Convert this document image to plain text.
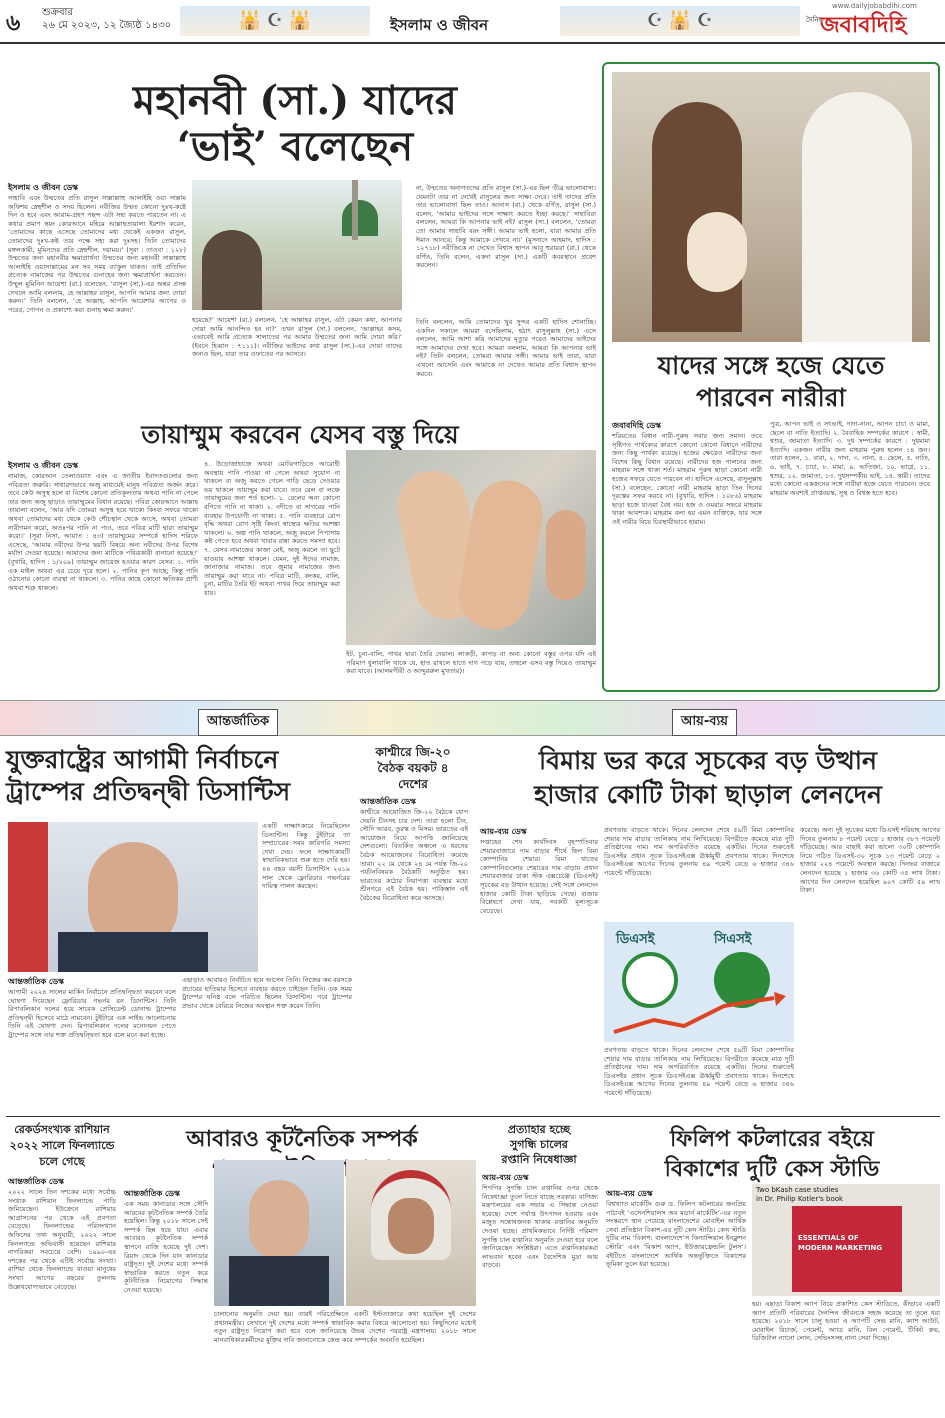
৬ শুক্রবার
২৬ মে ২০২৩, ১২ জ্যৈষ্ঠ ১৪৩০	🕌 ☪ 🕌	ইসলাম ও জীবন	☪ 🕌 ☪
www.dailyjobabdihi.com
দৈনিক
জবাবদিহি
মহানবী (সা.) যাদের
‘ভাই’ বলেছেন
ইসলাম ও জীবন ডেস্ক
সাহাবি এবং উম্মতের প্রতি রাসুল সাল্লাল্লাহু আলাইহি ওয়া সাল্লাম অফিশয় স্নেহশীল ও সদয় ছিলেন। নবীজির উম্মত কোনো দুঃখ-কষ্টে দিন ও হবে এবং আরাম-গ্রহণ পছন্দ এটা সহ্য করতে পারতেন না। এ কথার প্রমাণ স্বয়ং কোরআনে মহিমে আল্লাহতায়ালা ইরশাদ করেন, ‘তোমাদের কাছে এসেছে তোমাদের মধ্য থেকেই একজন রাসুল, তোমাদের দুঃখ-কষ্ট তার পক্ষে সহ্য করা দুঃসহ। তিনি তোমাদের মঙ্গলকামী, মুমিনদের প্রতি স্নেহশীল, দয়াময়।’ (সূরা : তাওবা : ১২৮) উম্মতের জন্য মহানবীর ক্ষমাপ্রার্থনা উম্মতের জন্য মহানবী সাল্লাল্লাহু আলাইহি ওয়াসাল্লামের মন সব সময় ব্যাকুল থাকত। তাই প্রতিদিন প্রত্যেক নামাজের পর উম্মতের গুনাহের জন্য ক্ষমাপ্রার্থনা করতেন। উম্মুল মুমিনিন আয়েশা (রা.) বলেছেন, ‘রাসুল (সা.)-এর অন্তর প্রসন্ন দেখলে আমি বললাম, হে আল্লাহর রাসুল, আপনি আমার জন্য দোয়া করুন।’ তিনি বললেন, ‘হে আল্লাহ, আপনি আয়েশার আগের ও পরের, গোপন ও প্রকাশ্যে করা গুনাহ ক্ষমা করুন।’
হয়েছে?’ আয়েশা (রা.) বললেন, ‘হে আল্লাহর রাসুল, এটা কেমন কথা, আপনার দোয়া আমি আনন্দিত হব না?’ তখন রাসুল (সা.) বললেন, ‘আল্লাহর কসম, এভাবেই আমি প্রত্যেক সালাতের পর আমার উম্মতের জন্য আমি দোয়া করি।’ (ইবনে হিব্বান : ৭১১১)। নবীজির ভাইদের কথা রাসুল (সা.)-এর দোয়া তাদের জন্যও ছিল, যারা তার ওফাতের পর আসবে।
না, উম্মতের অনাগতদের প্রতি রাসুল (সা.)-এর ছিল তীব্র ভালোবাসা। যেমনটা তার না দেখেই রাসুলের জন্য সাক্ষ্য দেবে। তাই তাদের প্রতি তার ভালোবাসা ছিল তাও। আনাস (রা.) থেকে বর্ণিত, রাসুল (সা.) বলেন, ‘আমার ভাইদের সঙ্গে সাক্ষাৎ করতে ইচ্ছা করছে।’ সাহাবিরা বললেন, আমরা কি আপনার ভাই নই? রাসুল (সা.) বললেন, ‘তোমরা তো আমার সাহাবি বরং সঙ্গী। আমার ভাই হলো, যারা আমার প্রতি ঈমান আনবে; কিন্তু আমাকে দেখবে না।’ (মুসনাদে আহমাদ, হাদিস : ১২৭১৮) নবীজিকে না দেখেও বিশ্বাস স্থাপন আবু হুরায়রা (রা.) থেকে বর্ণিত, তিনি বলেন, একদা রাসুল (সা.) একটি কবরস্থানে প্রবেশ করলেন।
তিনি বললেন, আমি তোমাদের খুব সুন্দর একটি হাদিস শোনাচ্ছি। একদিন সকালে আমরা বসেছিলাম, হঠাৎ রাসুলুল্লাহ (সা.) এসে বললেন, আমি আশা করি আমাদের মৃত্যুর পরেও আমাদের ভাইদের সঙ্গে আমাদের দেখা হবে। আমরা বললাম, আমরা কি আপনার ভাই নই? তিনি বললেন, তোমরা আমার সঙ্গী। আমার ভাই তারা, যারা এখনো আসেনি এবং আমাকে না দেখেও আমার প্রতি বিশ্বাস স্থাপন করবে।	যাদের সঙ্গে হজে যেতে
পারবেন নারীরা
জবাবদিহি ডেস্ক
শরিয়তের বিধান নারী-পুরুষ সবার জন্য সমান। তবে সৃষ্টিগত পার্থক্যের কারণে কোনো কোনো বিধানে নারীদের জন্য কিছু পার্থক্য রয়েছে। হজের ক্ষেত্রেও নারীদের জন্য বিশেষ কিছু বিধান রয়েছে। নারীদের হজ পালনের জন্য মাহরাম সঙ্গে থাকা শর্ত। মাহরাম পুরুষ ছাড়া কোনো নারী হজের সফরে যেতে পারবেন না। হাদিসে এসেছে, রাসুলুল্লাহ (সা.) বলেছেন, কোনো নারী মাহরাম ছাড়া তিন দিনের দূরত্বের সফর করবে না। (বুখারি, হাদিস : ১০৮৬) মাহরাম ছাড়া হজে যাওয়া বৈধ নয়। হজ ও ওমরার সফরে মাহরাম থাকা আবশ্যক। মাহরাম বলা হয় এমন ব্যক্তিকে, যার সঙ্গে ওই নারীর বিয়ে চিরস্থায়ীভাবে হারাম।
পুত্র, আপন ভাই ও সৎভাই, দাদা-নানা, আপন চাচা ও মামা, ছেলে বা নাতি ইত্যাদি। ২. বৈবাহিক সম্পর্কের কারণে : স্বামী, শ্বশুর, জামাতা ইত্যাদি। ৩. দুধ সম্পর্কের কারণে : দুধমামা ইত্যাদি। একজন নারীর জন্য মাহরাম পুরুষ হলেন ১৪ জন। তারা হলেন, ১. বাবা, ২. দাদা, ৩. নানা, ৪. ছেলে, ৫. নাতি, ৬. ভাই, ৭. চাচা, ৮. মামা, ৯. ভাতিজা, ১০. ভাগ্নে, ১১. শ্বশুর, ১২. জামাতা, ১৩. দুধসম্পর্কীয় ভাই, ১৪. স্বামী। তাদের মধ্যে কোনো একজনের সঙ্গে নারীরা হজে যেতে পারবেন। তবে মাহরাম অবশ্যই প্রাপ্তবয়স্ক, সুস্থ ও বিশ্বস্ত হতে হবে।
তায়াম্মুম করবেন যেসব বস্তু দিয়ে
ইসলাম ও জীবন ডেস্ক
নামাজ, কোরআন তেলাওয়াত এবং এ জাতীয় ইবাদতগুলোর জন্য পবিত্রতা জরুরি। সাধারণভাবে অজু মাধ্যমেই মানুষ পবিত্রতা অর্জন করে। তবে কেউ অসুস্থ হলে বা বিশেষ কোনো প্রতিকূলতায় অথবা পানি না পেলে তার জন্য অজু ছাড়াও তায়াম্মুমের বিধান রয়েছে। পবিত্র কোরআনে আল্লাহ তায়ালা বলেন, ‘আর যদি তোমরা অসুস্থ হয়ে থাকো কিংবা সফরে থাকো অথবা তোমাদের মধ্য থেকে কেউ শৌচস্থান থেকে আসে, অথবা তোমরা নারীগমন করো, অতঃপর পানি না পাও, তবে পবিত্র মাটি দ্বারা তায়াম্মুম করো।’ (সূরা নিসা, আয়াত : ৪৩) তায়াম্মুমের সম্পর্কে হাদিস শরিফে এসেছে, ‘আমার নবীদের উপর ছয়টি বিষয়ে অন্য নবীদের উপর বিশেষ মর্যাদা দেওয়া হয়েছে। আমাদের জন্য মাটিকে পবিত্রকারী বানানো হয়েছে।’ (বুখারি, হাদিস : ১/২০৯) তায়াম্মুম জায়েজ হওয়ার কারণ যেসব: ১. পানি এক মাইল অথবা এর চেয়ে দূরে হলে। ২. পানির কূপ আছে; কিন্তু পানি ওঠানোর কোনো ব্যবস্থা না থাকলে। ৩. পানির কাছে কোনো ক্ষতিকর প্রাণী অথবা শত্রু থাকলে।
৪. উড়োজাহাজে অথবা মোটরগাড়িতে আরোহী অবস্থায় পানি পাওয়া না গেলে অথবা সুযোগ না থাকলে বা অজু করতে গেলে গাড়ি ছেড়ে দেওয়ার ভয় থাকলে তায়াম্মুম করা যাবে। তবে রেল বা লঞ্চে তায়াম্মুমের জন্য শর্ত হলো- ১. রেলের অন্য কোনো বগিতে পানি না থাকা। ২. নদীতে বা সাগরের পানি ব্যবহার উপযোগী না থাকা। ৫. পানি ব্যবহারে রোগ বৃদ্ধি অথবা রোগ সৃষ্টি কিংবা স্বাস্থ্যের ক্ষতির আশঙ্কা থাকলে। ৬. অল্প পানি থাকলে, অজু করলে পিপাসায় কষ্ট পেতে হবে অথবা খাবার রান্না করতে সমস্যা হবে। ৭. যেসব নামাজের কাজা নেই, অজু করলে তা ছুটে যাওয়ার আশঙ্কা থাকলে। যেমন, দুই ঈদের নামাজ, জানাজার নামাজ। তবে জুমার নামাজের জন্য তায়াম্মুম করা যাবে না। পবিত্র মাটি, কংকর, বালি, চুনা, মাটির তৈরি ইট অথবা পাথর দিয়ে তায়াম্মুম করা যায়।
ইট, চুনা-বালি, পাথর দ্বারা তৈরি দেয়াল। লাকড়ী, কাপড় বা অন্য কোনো বস্তুর ওপর যদি এই পরিমাণ ধুলাবালি থাকে যে, হাত রাখলে হাতে দাগ পড়ে যায়, তাহলে এসব বস্তু দিয়েও তায়াম্মুম করা যাবে। (আলমগীরী ও আদ্দুররুল মুখতার)।
আন্তর্জাতিক	আয়-ব্যয়
যুক্তরাষ্ট্রের আগামী নির্বাচনে
ট্রাম্পের প্রতিদ্বন্দ্বী ডিসান্টিস
একটি সাক্ষাৎকারে নিয়েছিলেন ডিসান্টিস। কিন্তু টুইটারে তা সম্প্রচারের সময় কারিগরি সমস্যা দেখা দেয়। ফলে সাক্ষাৎকারটি স্বাভাবিকভাবে শুরু হতে দেরি হয়। ৪৪ বছর বয়সী ডিসান্টিস ২০১৯ সাল থেকে ফ্লোরিডার গভর্নরের দায়িত্ব পালন করছেন।
আন্তর্জাতিক ডেস্ক
আগামী ২০২৪ সালের মার্কিন নির্বাচনে প্রতিদ্বন্দ্বিতা করবেন বলে ঘোষণা দিয়েছেন ফ্লোরিডার গভর্নর রন ডিসান্টিস। তিনি রিপাবলিকান দলের হয়ে সাবেক প্রেসিডেন্ট ডোনাল্ড ট্রাম্পের প্রতিদ্বন্দ্বী হিসেবে মাঠে নামবেন। টুইটারে এক লাইভ আলোচনায় তিনি এই ঘোষণা দেন। রিপাবলিকান দলের মনোনয়ন পেতে ট্রাম্পের সঙ্গে তার শক্ত প্রতিদ্বন্দ্বিতা হবে বলে মনে করা হচ্ছে।
এছাড়াও আবারও নির্বাচিত হয়ে আসেন তিনি। নিজের কম বয়সকে প্রচারের হাতিয়ার হিসেবে ব্যবহার করতে চাইছেন তিনি। এক সময় ট্রাম্পের ঘনিষ্ঠ বলে পরিচিত ছিলেন ডিসান্টিস। পরে ট্রাম্পের প্রভাব থেকে বেরিয়ে নিজের অবস্থান শক্ত করেন তিনি।
কাশ্মীরে জি-২০
বৈঠক বয়কট ৪
দেশের
আন্তর্জাতিক ডেস্ক
কাশ্মীরে আয়োজিত জি-২০ বৈঠকে যোগ দেয়নি চীনসহ চার দেশ। তারা হলো চীন, সৌদি আরব, তুরস্ক ও মিসর। ভারতের এই আয়োজন নিয়ে আপত্তি জানিয়েছে দেশগুলো। বিতর্কিত অঞ্চলে এ ধরনের বৈঠক আয়োজনের বিরোধিতা করেছে তারা। ২২ মে থেকে ২৪ মে পর্যন্ত জি-২০ পর্যটনবিষয়ক বৈঠকটি অনুষ্ঠিত হয়। ভারতের কঠোর নিরাপত্তা ব্যবস্থার মধ্যে শ্রীনগরে এই বৈঠক হয়। পাকিস্তান এই বৈঠকের বিরোধিতা করে আসছে।
বিমায় ভর করে সূচকের বড় উত্থান
হাজার কোটি টাকা ছাড়াল লেনদেন
আয়-ব্যয় ডেস্ক
সপ্তাহের শেষ কার্যদিবস বৃহস্পতিবার শেয়ারবাজারে দাম বাড়ার শীর্ষে ছিল বিমা কোম্পানির শেয়ার। বিমা খাতের কোম্পানিগুলোর শেয়ারের দাম বাড়ায় প্রধান শেয়ারবাজার ঢাকা স্টক এক্সচেঞ্জে (ডিএসই) সূচকের বড় উত্থান হয়েছে। সেই সঙ্গে লেনদেন হাজার কোটি টাকা ছাড়িয়ে গেছে। বাজার বিশ্লেষণে দেখা যায়, সবকটি মূল্যসূচক বেড়েছে।
প্রবণতায় বাড়তে থাকে। দিনের লেনদেন শেষে ৫৯টি বিমা কোম্পানির শেয়ার দাম বাড়ার তালিকায় নাম লিখিয়েছে। বিপরীতে কমেছে মাত্র দুটি প্রতিষ্ঠানের দাম। দাম অপরিবর্তিত রয়েছে একটির। দিনের শুরুতেই ডিএসইর প্রধান সূচক ডিএসইএক্স ঊর্ধ্বমুখী প্রবণতায় থাকে। দিনশেষে ডিএসইএক্স আগের দিনের তুলনায় ৪৯ পয়েন্ট বেড়ে ৬ হাজার ৩৪৬ পয়েন্টে দাঁড়িয়েছে।
ডিএসই	সিএসই
প্রবণতায় বাড়তে থাকে। দিনের লেনদেন শেষে ৫৯টি বিমা কোম্পানির শেয়ার দাম বাড়ার তালিকায় নাম লিখিয়েছে। বিপরীতে কমেছে মাত্র দুটি প্রতিষ্ঠানের দাম। দাম অপরিবর্তিত রয়েছে একটির। দিনের শুরুতেই ডিএসইর প্রধান সূচক ডিএসইএক্স ঊর্ধ্বমুখী প্রবণতায় থাকে। দিনশেষে ডিএসইএক্স আগের দিনের তুলনায় ৪৯ পয়েন্ট বেড়ে ৬ হাজার ৩৪৬ পয়েন্টে দাঁড়িয়েছে।
করেছে। অন্য দুই সূচকের মধ্যে ডিএসই শরিয়াহ আগের দিনের তুলনায় ৮ পয়েন্ট বেড়ে ১ হাজার ৩৮৭ পয়েন্টে দাঁড়িয়েছে। আর বাছাই করা ভালো ৩০টি কোম্পানি নিয়ে গঠিত ডিএসই-৩০ সূচক ১৩ পয়েন্ট বেড়ে ২ হাজার ২২৪ পয়েন্টে অবস্থান করছে। দিনভর বাজারে লেনদেন হয়েছে ১ হাজার ৩৬ কোটি ৩৫ লাখ টাকা। আগের দিন লেনদেন হয়েছিল ৯০৭ কোটি ৫৯ লাখ টাকা।
রেকর্ডসংখ্যক রাশিয়ান
২০২২ সালে ফিনল্যান্ডে
চলে গেছে
আন্তর্জাতিক ডেস্ক
২০২২ সালে তিন দশকের মধ্যে সর্বোচ্চ সংখ্যক রাশিয়ান ফিনল্যান্ডে পাড়ি জমিয়েছেন। ইউক্রেনে রাশিয়ার আগ্রাসনের পর থেকে এই প্রবণতা বেড়েছে। ফিনল্যান্ডের পরিসংখ্যান অফিসের তথ্য অনুযায়ী, ২০২২ সালে ফিনল্যান্ডে অভিবাসী হয়েছেন রাশিয়ার নাগরিকরা সবচেয়ে বেশি। ১৯৯০-এর দশকের পর থেকে এটিই সর্বোচ্চ সংখ্যা। রাশিয়া থেকে ফিনল্যান্ডে যাওয়া মানুষের সংখ্যা আগের বছরের তুলনায় উল্লেখযোগ্যভাবে বেড়েছে।
আবারও কূটনৈতিক সম্পর্ক
আন্তর্জাতিক ডেস্ক
এক সময় কানাডার সঙ্গে সৌদি আরবের কূটনৈতিক সম্পর্ক তৈরি হয়েছিল। কিন্তু ২০১৮ সালে সেই সম্পর্ক ছিন্ন হয়ে যায়। এবার আবারও কূটনৈতিক সম্পর্ক স্থাপনে রাজি হয়েছে দুই দেশ। রিয়াদ থেকে দিন যান কানাডার রাষ্ট্রদূত। দুই দেশের মধ্যে সম্পর্ক স্বাভাবিক করতে নতুন করে কূটনীতিক নিয়োগের সিদ্ধান্ত নেওয়া হয়েছে।
চালানোর অনুমতি দেয়া হয়। তারই পরিপ্রেক্ষিতে একটি ইস্টতাজারে কথা হয়েছিল দুই দেশের প্রধানমন্ত্রীর। সেখানে দুই দেশের মধ্যে সম্পর্ক স্বাভাবিক করার বিষয়ে আলোচনা হয়। কিছুদিনের মধ্যেই নতুন রাষ্ট্রদূত নিয়োগ করা হবে বলে জানিয়েছে উভয় দেশের পররাষ্ট্র মন্ত্রণালয়। ২০১৮ সালে মানবাধিকারকর্মীদের মুক্তির দাবি জানানোকে কেন্দ্র করে সম্পর্কের অবনতি হয়েছিল।
প্রত্যাহার হচ্ছে
সুগন্ধি চালের
রপ্তানি নিষেধাজ্ঞা
আয়-ব্যয় ডেস্ক
শিগগির সুগন্ধি চাল রপ্তানির ওপর থেকে নিষেধাজ্ঞা তুলে নিতে যাচ্ছে সরকার। বাণিজ্য মন্ত্রণালয়ের এক সভায় এ সিদ্ধান্ত নেওয়া হয়েছে। দেশে পর্যাপ্ত উৎপাদন হওয়ায় এবং মজুত সন্তোষজনক থাকায় রপ্তানির অনুমতি দেওয়া হচ্ছে। প্রাথমিকভাবে নির্দিষ্ট পরিমাণ সুগন্ধি চাল রপ্তানির অনুমতি দেওয়া হবে বলে জানিয়েছেন সংশ্লিষ্টরা। এতে রপ্তানিকারকরা লাভবান হবেন এবং বৈদেশিক মুদ্রা আয় বাড়বে।
ফিলিপ কটলারের বইয়ে
বিকাশের দুটি কেস স্টাডি
আয়-ব্যয় ডেস্ক
বিশ্বখ্যাত মার্কেটিং গুরু ড. ফিলিপ কটলারের জনপ্রিয় পাঠ্যবই ‘এসেনশিয়ালস অব মডার্ন মার্কেটিং’-এর নতুন সংস্করণে স্থান পেয়েছে বাংলাদেশের মোবাইল আর্থিক সেবা প্রতিষ্ঠান বিকাশ-এর দুটি কেস স্টাডি। কেস স্টাডি দুটির নাম ‘বিকাশ: বাংলাদেশে’স ফিন্যান্সিয়াল ইনক্লুশন স্টোরি’ এবং ‘বিকাশ অ্যাপ, ইউজারফ্রেন্ডলি টুলস’। বইটিতে বাংলাদেশে আর্থিক অন্তর্ভুক্তিতে বিকাশের ভূমিকা তুলে ধরা হয়েছে।
Two bKash case studies
in Dr. Philip Kotler's book
ESSENTIALS OF
MODERN MARKETING
হয়। এছাড়া বিকাশ অ্যাপ নিয়ে প্রকাশিত কেস স্টাডিতে, কীভাবে একটি অ্যাপ প্রতিটি পরিবারের দৈনন্দিন জীবনকে সহজ করেছে তা তুলে ধরা হয়েছে। ২০১৮ সালে চালু হওয়া এ অ্যাপটি সেন্ড মানি, ক্যাশ আউট, মোবাইল রিচার্জ, পেমেন্ট, অ্যাড মানি, বিল পেমেন্ট, টিকিট ক্রয়, ডিজিটাল ন্যানো লোন, সেভিংসসহ নানা সেবা দিচ্ছে।
